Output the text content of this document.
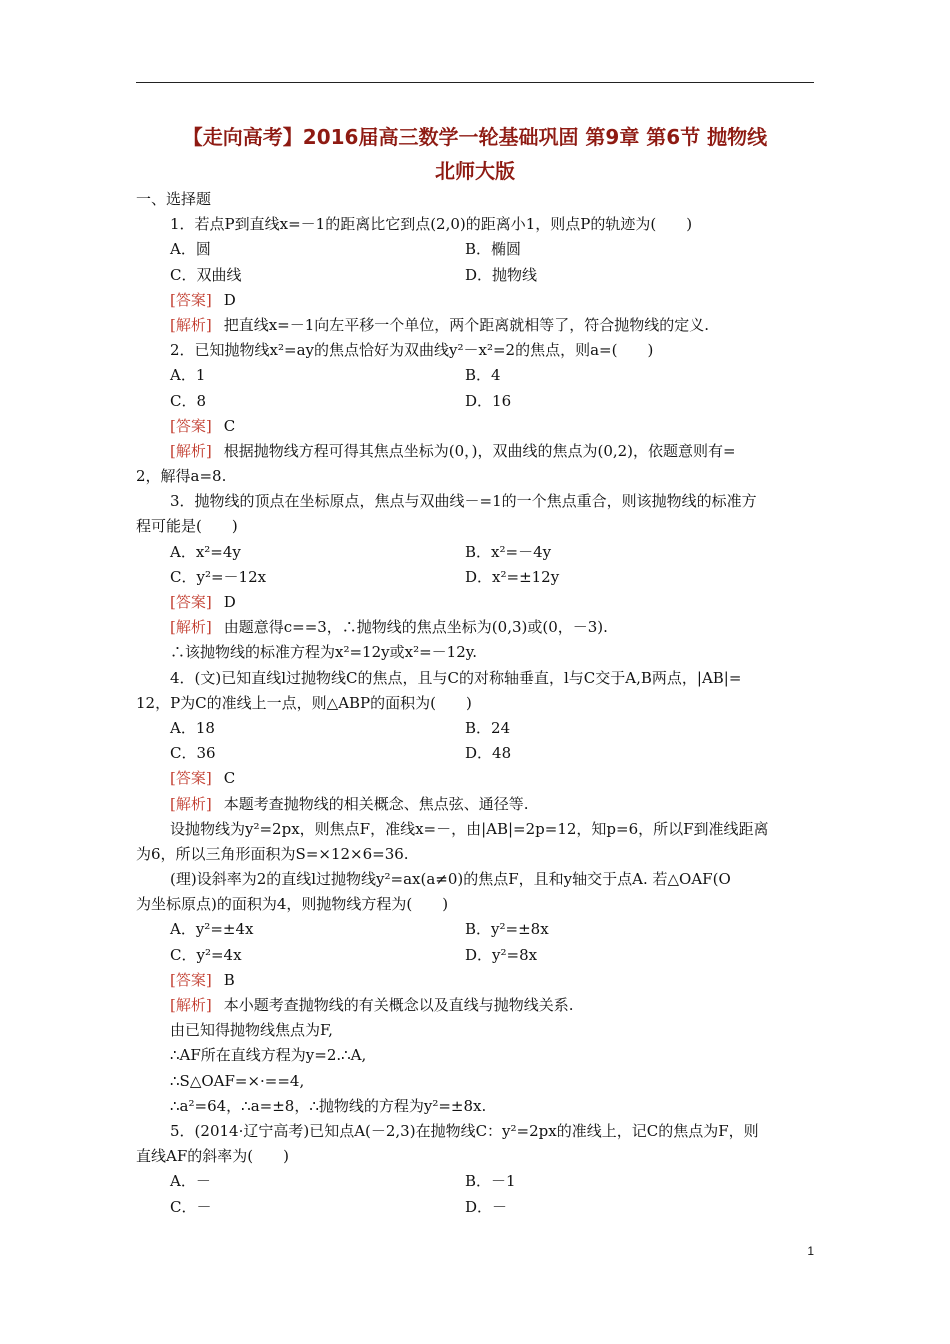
【走向高考】2016届高三数学一轮基础巩固 第9章 第6节 抛物线
北师大版
一、选择题
1．若点P到直线x=－1的距离比它到点(2,0)的距离小1，则点P的轨迹为(　　)
A．圆	B．椭圆
C．双曲线	D．抛物线
[答案] D
[解析] 把直线x=－1向左平移一个单位，两个距离就相等了，符合抛物线的定义.
2．已知抛物线x²=ay的焦点恰好为双曲线y²－x²=2的焦点，则a=(　　)
A．1	B．4
C．8	D．16
[答案] C
[解析] 根据抛物线方程可得其焦点坐标为(0，)，双曲线的焦点为(0,2)，依题意则有=
2，解得a=8.
3．抛物线的顶点在坐标原点，焦点与双曲线－=1的一个焦点重合，则该抛物线的标准方
程可能是(　　)
A．x²=4y	B．x²=－4y
C．y²=－12x	D．x²=±12y
[答案] D
[解析] 由题意得c==3，∴抛物线的焦点坐标为(0,3)或(0，－3).
∴该抛物线的标准方程为x²=12y或x²=－12y.
4．(文)已知直线l过抛物线C的焦点，且与C的对称轴垂直，l与C交于A,B两点，|AB|=
12，P为C的准线上一点，则△ABP的面积为(　　)
A．18	B．24
C．36	D．48
[答案] C
[解析] 本题考查抛物线的相关概念、焦点弦、通径等.
设抛物线为y²=2px，则焦点F，准线x=－，由|AB|=2p=12，知p=6，所以F到准线距离
为6，所以三角形面积为S=×12×6=36.
(理)设斜率为2的直线l过抛物线y²=ax(a≠0)的焦点F，且和y轴交于点A. 若△OAF(O
为坐标原点)的面积为4，则抛物线方程为(　　)
A．y²=±4x	B．y²=±8x
C．y²=4x	D．y²=8x
[答案] B
[解析] 本小题考查抛物线的有关概念以及直线与抛物线关系.
由已知得抛物线焦点为F,
∴AF所在直线方程为y=2.∴A,
∴S△OAF=×·==4,
∴a²=64，∴a=±8，∴抛物线的方程为y²=±8x.
5．(2014·辽宁高考)已知点A(－2,3)在抛物线C：y²=2px的准线上，记C的焦点为F，则
直线AF的斜率为(　　)
A．－	B．－1
C．－	D．－
1
